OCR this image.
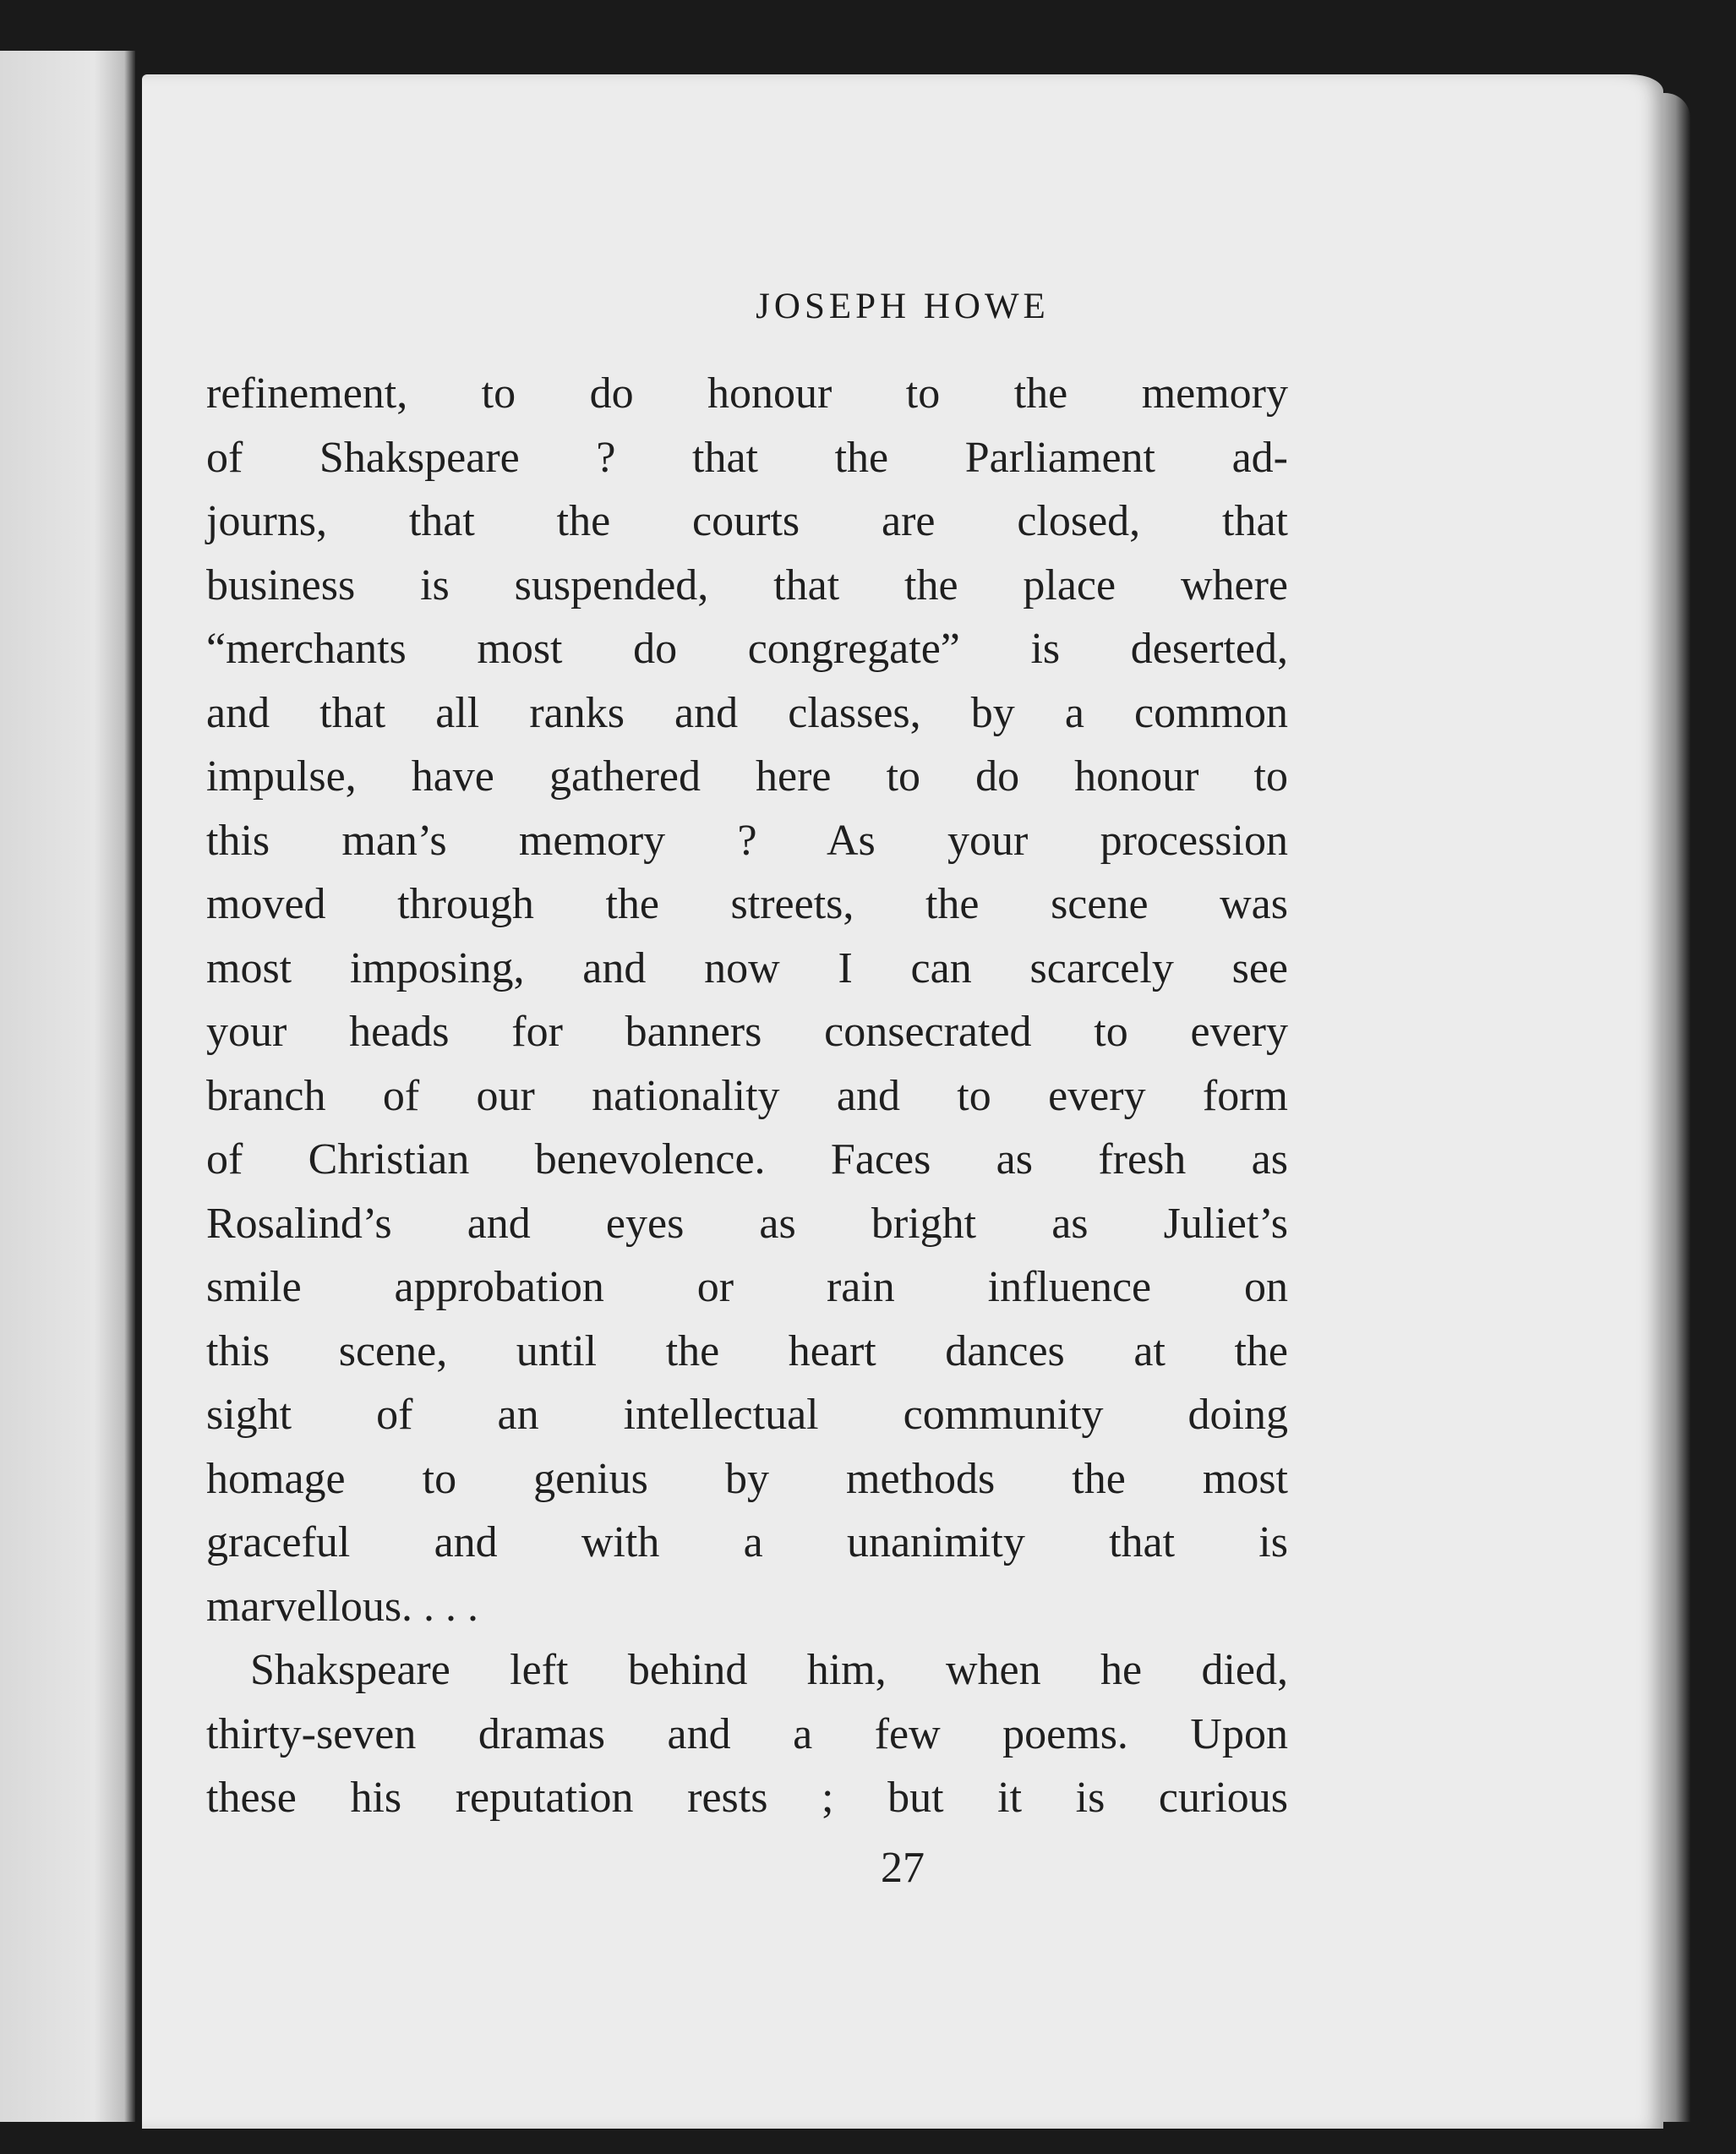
JOSEPH HOWE
refinement, to do honour to the memory
of Shakspeare ? that the Parliament ad-
journs, that the courts are closed, that
business is suspended, that the place where
“merchants most do congregate” is deserted,
and that all ranks and classes, by a common
impulse, have gathered here to do honour to
this man’s memory ? As your procession
moved through the streets, the scene was
most imposing, and now I can scarcely see
your heads for banners consecrated to every
branch of our nationality and to every form
of Christian benevolence. Faces as fresh as
Rosalind’s and eyes as bright as Juliet’s
smile approbation or rain influence on
this scene, until the heart dances at the
sight of an intellectual community doing
homage to genius by methods the most
graceful and with a unanimity that is
marvellous. . . .
Shakspeare left behind him, when he died,
thirty-seven dramas and a few poems. Upon
these his reputation rests ; but it is curious

27
